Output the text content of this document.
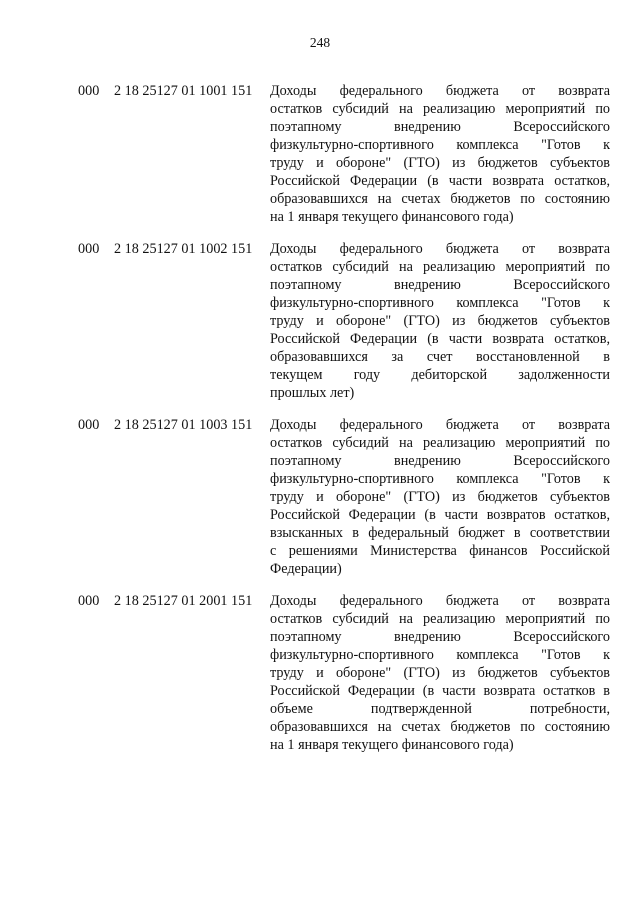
248
000	2 18 25127 01 1001 151	Доходы федерального бюджета от возврата
остатков субсидий на реализацию мероприятий по
поэтапному внедрению Всероссийского
физкультурно-спортивного комплекса "Готов к
труду и обороне" (ГТО) из бюджетов субъектов
Российской Федерации (в части возврата остатков,
образовавшихся на счетах бюджетов по состоянию
на 1 января текущего финансового года)
000	2 18 25127 01 1002 151	Доходы федерального бюджета от возврата
остатков субсидий на реализацию мероприятий по
поэтапному внедрению Всероссийского
физкультурно-спортивного комплекса "Готов к
труду и обороне" (ГТО) из бюджетов субъектов
Российской Федерации (в части возврата остатков,
образовавшихся за счет восстановленной в
текущем году дебиторской задолженности
прошлых лет)
000	2 18 25127 01 1003 151	Доходы федерального бюджета от возврата
остатков субсидий на реализацию мероприятий по
поэтапному внедрению Всероссийского
физкультурно-спортивного комплекса "Готов к
труду и обороне" (ГТО) из бюджетов субъектов
Российской Федерации (в части возвратов остатков,
взысканных в федеральный бюджет в соответствии
с решениями Министерства финансов Российской
Федерации)
000	2 18 25127 01 2001 151	Доходы федерального бюджета от возврата
остатков субсидий на реализацию мероприятий по
поэтапному внедрению Всероссийского
физкультурно-спортивного комплекса "Готов к
труду и обороне" (ГТО) из бюджетов субъектов
Российской Федерации (в части возврата остатков в
объеме подтвержденной потребности,
образовавшихся на счетах бюджетов по состоянию
на 1 января текущего финансового года)
